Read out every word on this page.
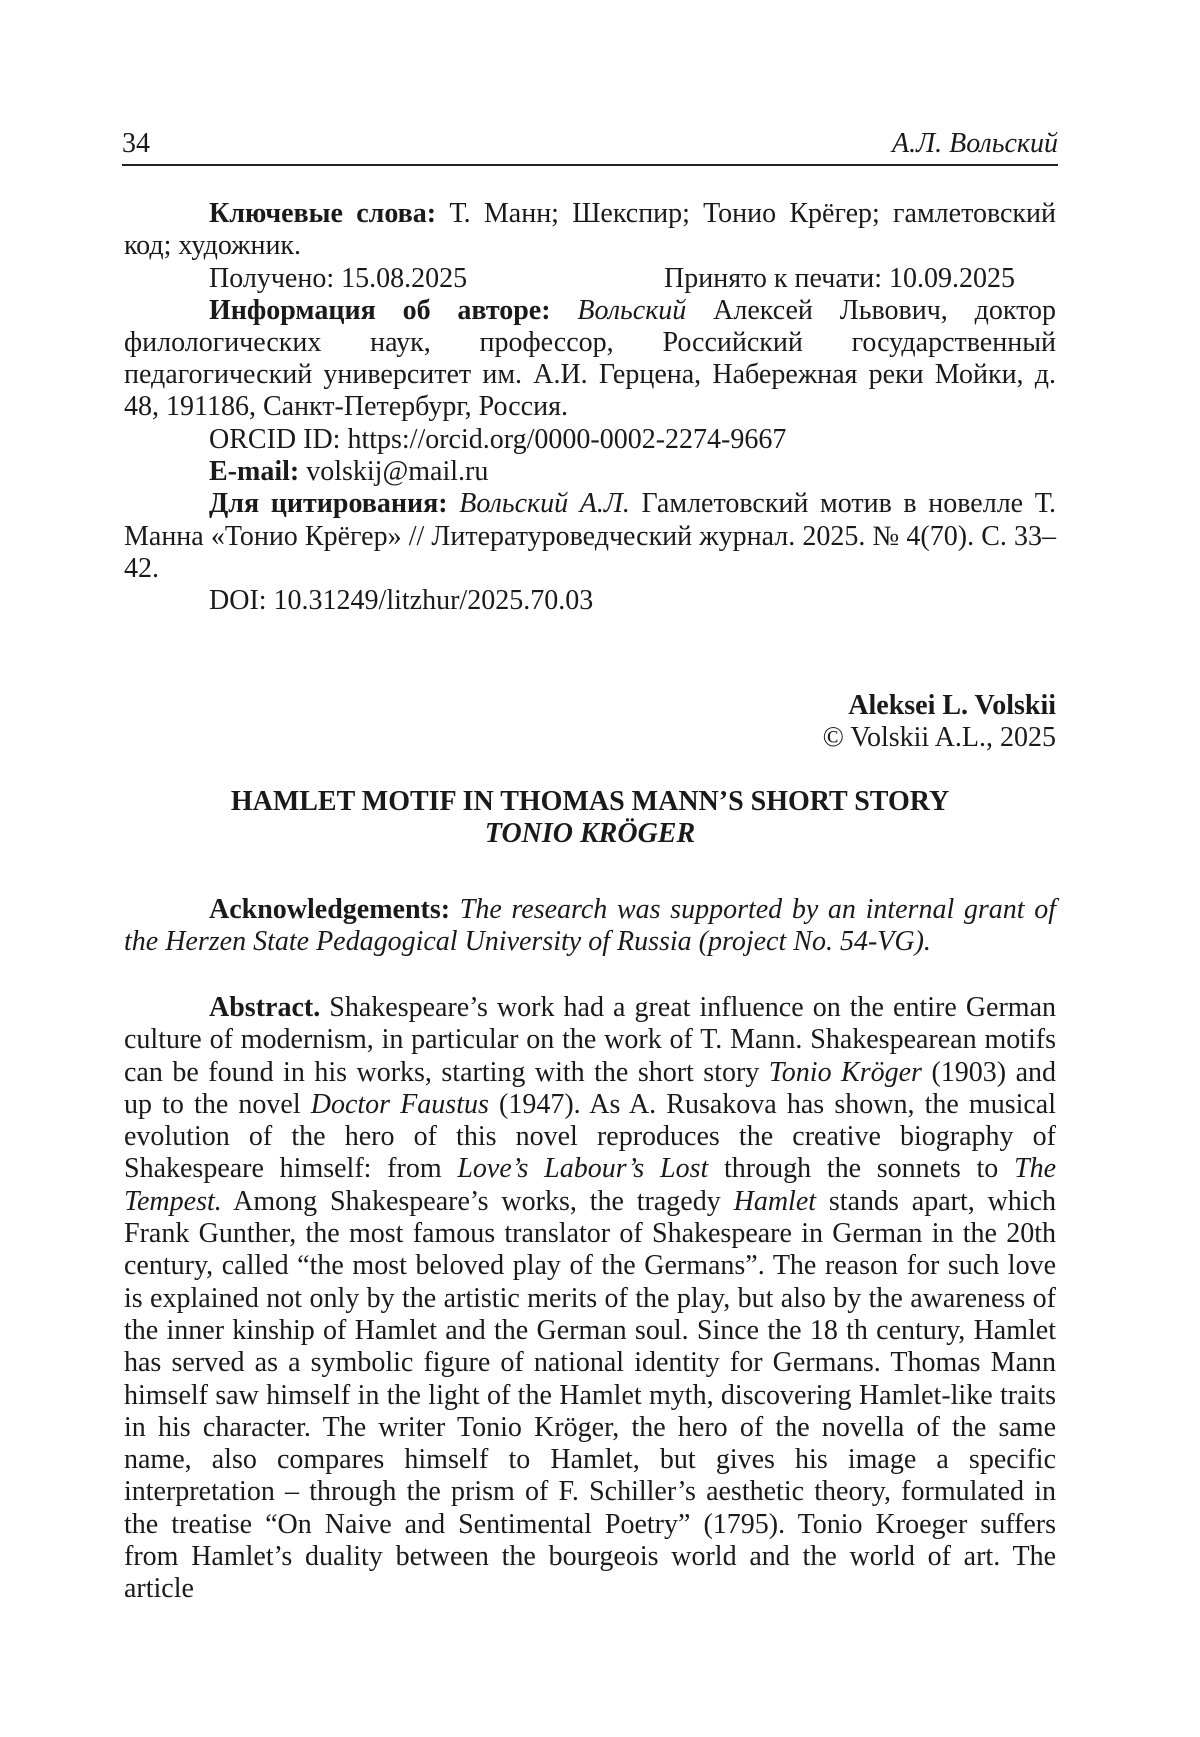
34	А.Л. Вольский

Ключевые слова: Т. Манн; Шекспир; Тонио Крёгер; гамлетовский код; художник.

Получено: 15.08.2025	Принято к печати: 10.09.2025

Информация об авторе: Вольский Алексей Львович, доктор филологических наук, профессор, Российский государственный педагогический университет им. А.И. Герцена, Набережная реки Мойки, д. 48, 191186, Санкт-Петербург, Россия.

ORCID ID: https://orcid.org/0000-0002-2274-9667

E-mail: volskij@mail.ru

Для цитирования: Вольский А.Л. Гамлетовский мотив в новелле Т. Манна «Тонио Крёгер» // Литературоведческий журнал. 2025. № 4(70). С. 33–42.

DOI: 10.31249/litzhur/2025.70.03

Aleksei L. Volskii

© Volskii A.L., 2025

HAMLET MOTIF IN THOMAS MANN’S SHORT STORY

TONIO KRÖGER

Acknowledgements: The research was supported by an internal grant of the Herzen State Pedagogical University of Russia (project No. 54-VG).

Abstract. Shakespeare’s work had a great influence on the entire German culture of modernism, in particular on the work of T. Mann. Shakespearean motifs can be found in his works, starting with the short story Tonio Kröger (1903) and up to the novel Doctor Faustus (1947). As A. Rusakova has shown, the musical evolution of the hero of this novel reproduces the creative biography of Shakespeare himself: from Love’s Labour’s Lost through the sonnets to The Tempest. Among Shakespeare’s works, the tragedy Hamlet stands apart, which Frank Gunther, the most famous translator of Shakespeare in German in the 20th century, called “the most beloved play of the Germans”. The reason for such love is explained not only by the artistic merits of the play, but also by the awareness of the inner kinship of Hamlet and the German soul. Since the 18 th century, Hamlet has served as a symbolic figure of national identity for Germans. Thomas Mann himself saw himself in the light of the Hamlet myth, discovering Hamlet-like traits in his character. The writer Tonio Kröger, the hero of the novella of the same name, also compares himself to Hamlet, but gives his image a specific interpretation – through the prism of F. Schiller’s aesthetic theory, formulated in the treatise “On Naive and Sentimental Poetry” (1795). Tonio Kroeger suffers from Hamlet’s duality between the bourgeois world and the world of art. The article
